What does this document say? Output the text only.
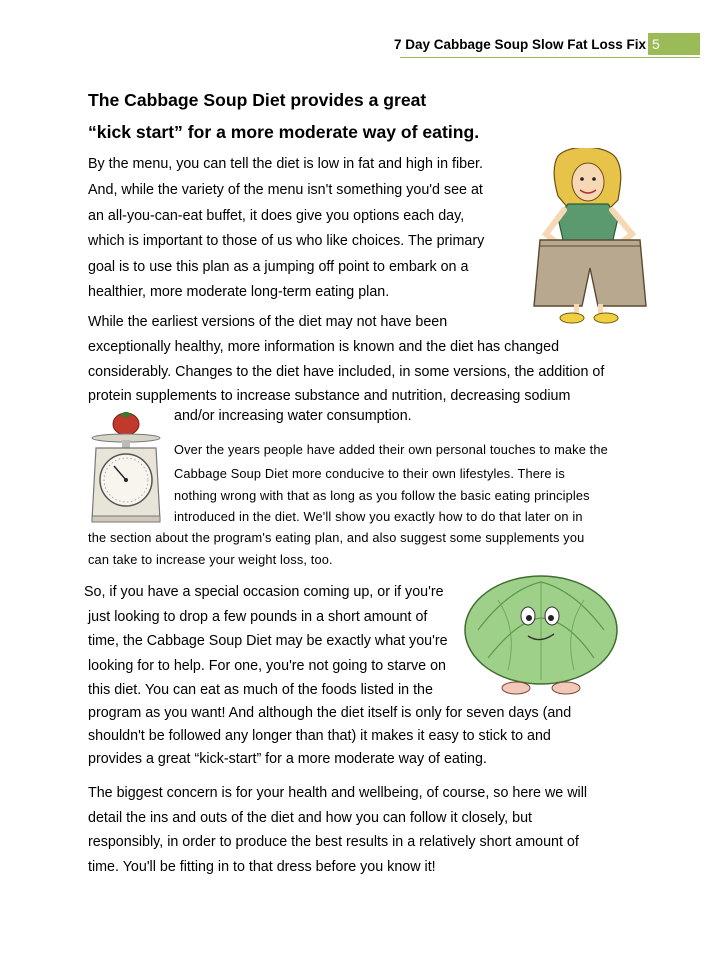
7 Day Cabbage Soup Slow Fat Loss Fix 5
The Cabbage Soup Diet provides a great
“kick start” for a more moderate way of eating.
By the menu, you can tell the diet is low in fat and high in fiber.
And, while the variety of the menu isn't something you'd see at
an all-you-can-eat buffet, it does give you options each day,
which is important to those of us who like choices. The primary
goal is to use this plan as a jumping off point to embark on a
healthier, more moderate long-term eating plan.
While the earliest versions of the diet may not have been
exceptionally healthy, more information is known and the diet has changed
considerably. Changes to the diet have included, in some versions, the addition of
protein supplements to increase substance and nutrition, decreasing sodium
and/or increasing water consumption.
Over the years people have added their own personal touches to make the
Cabbage Soup Diet more conducive to their own lifestyles. There is
nothing wrong with that as long as you follow the basic eating principles
introduced in the diet. We'll show you exactly how to do that later on in
the section about the program's eating plan, and also suggest some supplements you
can take to increase your weight loss, too.
So, if you have a special occasion coming up, or if you're
just looking to drop a few pounds in a short amount of
time, the Cabbage Soup Diet may be exactly what you're
looking for to help. For one, you're not going to starve on
this diet. You can eat as much of the foods listed in the
program as you want! And although the diet itself is only for seven days (and
shouldn't be followed any longer than that) it makes it easy to stick to and
provides a great “kick-start” for a more moderate way of eating.
The biggest concern is for your health and wellbeing, of course, so here we will
detail the ins and outs of the diet and how you can follow it closely, but
responsibly, in order to produce the best results in a relatively short amount of
time. You'll be fitting in to that dress before you know it!
